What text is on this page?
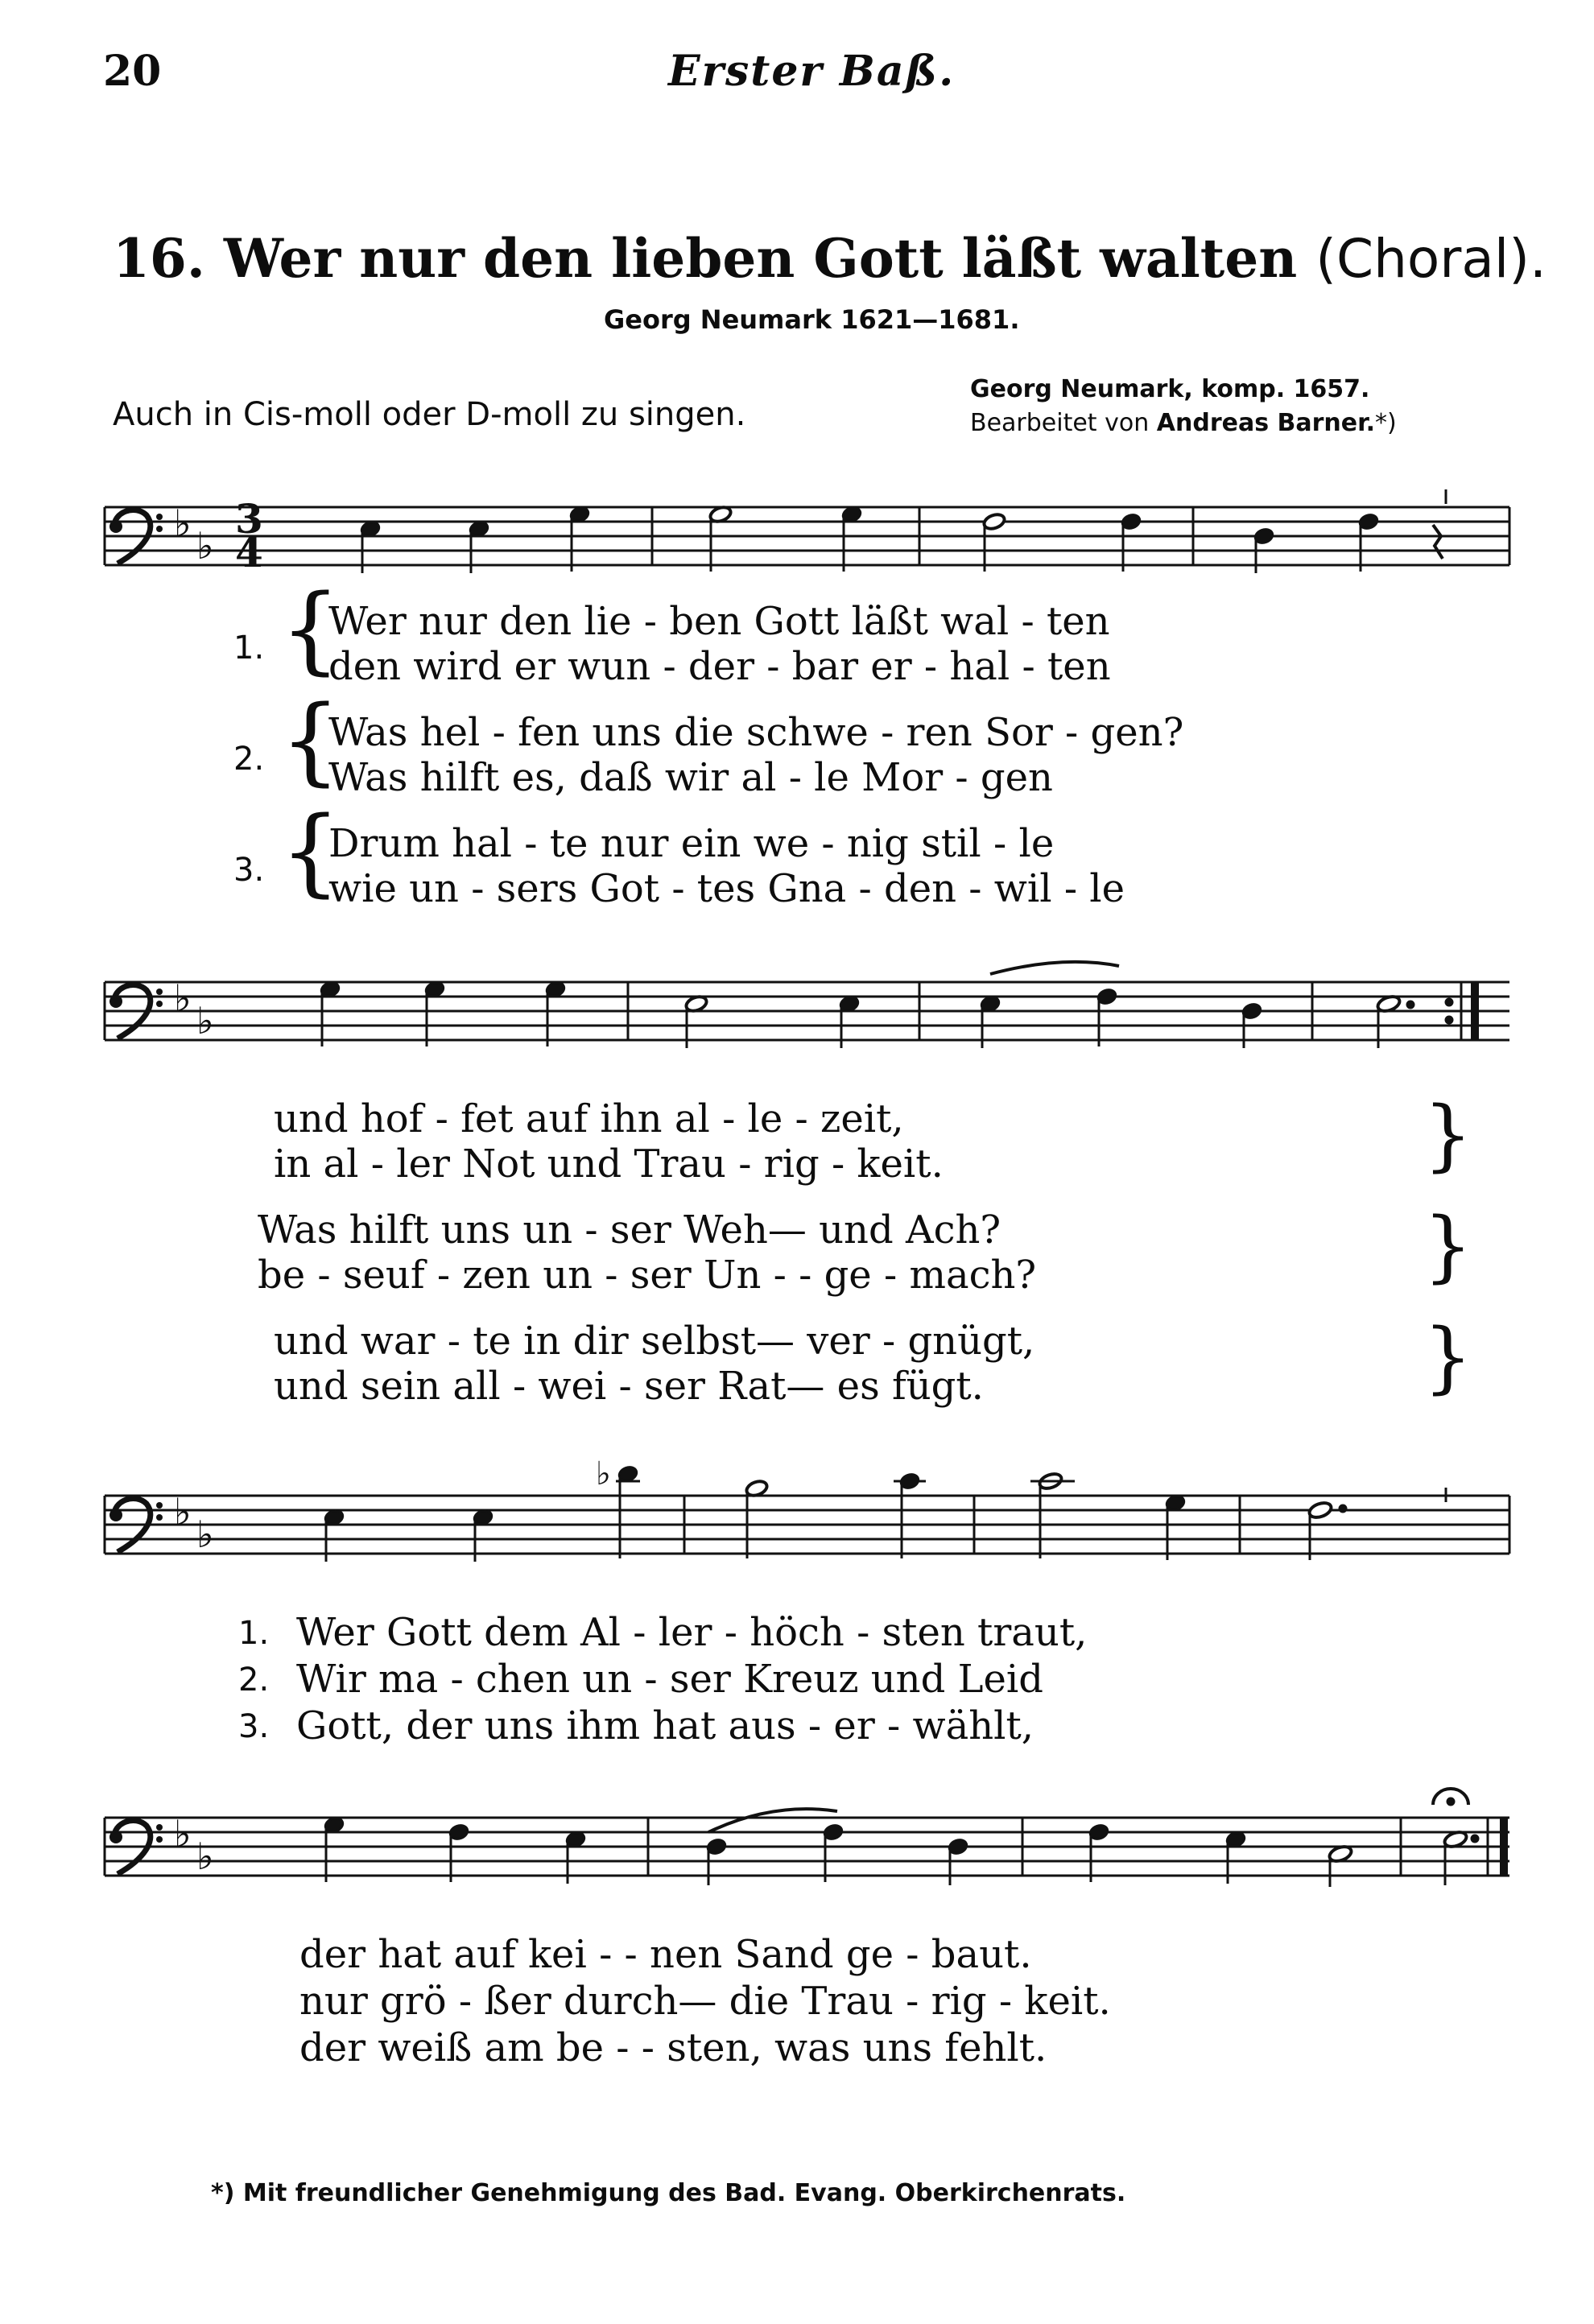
20	Erster Baß.
16. Wer nur den lieben Gott läßt walten (Choral).
Georg Neumark 1621—1681.
Auch in Cis-moll oder D-moll zu singen.
Georg Neumark, komp. 1657.
Bearbeitet von Andreas Barner.*)
♭
♭
3
4
1. {
Wer nur den lie - ben Gott läßt wal - ten
den wird er wun - der - bar er - hal - ten
2. {
Was hel - fen uns die schwe - ren Sor - gen?
Was hilft es, daß wir al - le Mor - gen
3. {
Drum hal - te nur ein we - nig stil - le
wie un - sers Got - tes Gna - den - wil - le
♭
♭
und hof - fet auf ihn al - le - zeit,
in al - ler Not und Trau - rig - keit.	}
Was hilft uns un - ser Weh— und Ach?
be - seuf - zen un - ser Un - - ge - mach?	}
und war - te in dir selbst— ver - gnügt,
und sein all - wei - ser Rat— es fügt.	}
♭
♭
♭
1. Wer Gott dem Al - ler - höch - sten traut,
2. Wir ma - chen un - ser Kreuz und Leid
3. Gott, der uns ihm hat aus - er - wählt,
♭
♭
der hat auf kei - - nen Sand ge - baut.
nur grö - ßer durch— die Trau - rig - keit.
der weiß am be - - sten, was uns fehlt.
*) Mit freundlicher Genehmigung des Bad. Evang. Oberkirchenrats.
